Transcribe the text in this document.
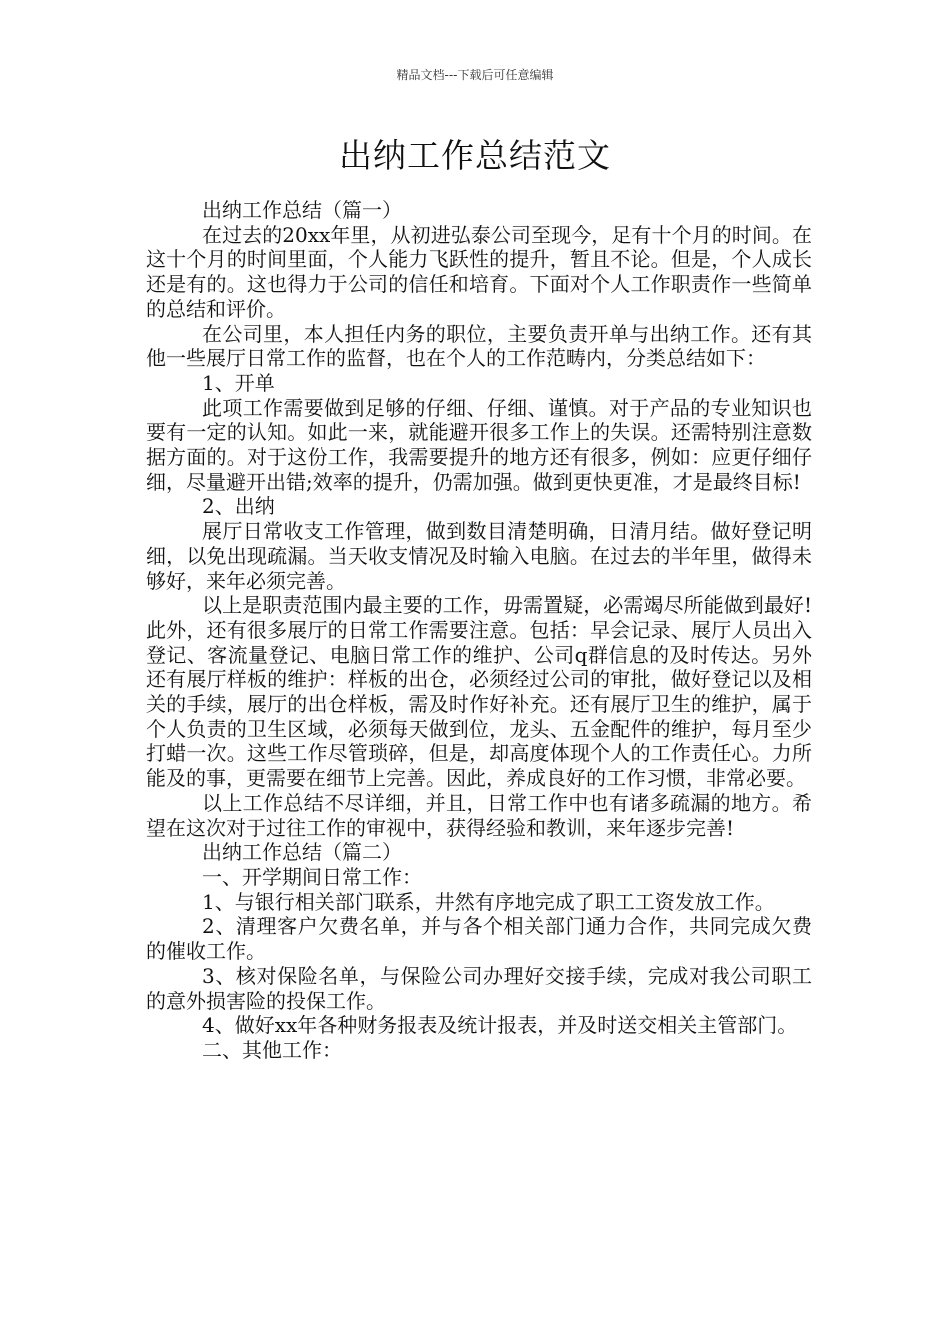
精品文档---下载后可任意编辑
出纳工作总结范文

出纳工作总结（篇一）

在过去的20xx年里，从初进弘泰公司至现今，足有十个月的时间。在这十个月的时间里面，个人能力飞跃性的提升，暂且不论。但是，个人成长还是有的。这也得力于公司的信任和培育。下面对个人工作职责作一些简单的总结和评价。

在公司里，本人担任内务的职位，主要负责开单与出纳工作。还有其他一些展厅日常工作的监督，也在个人的工作范畴内，分类总结如下：

1、开单

此项工作需要做到足够的仔细、仔细、谨慎。对于产品的专业知识也要有一定的认知。如此一来，就能避开很多工作上的失误。还需特别注意数据方面的。对于这份工作，我需要提升的地方还有很多，例如：应更仔细仔细，尽量避开出错;效率的提升，仍需加强。做到更快更准，才是最终目标!

2、出纳

展厅日常收支工作管理，做到数目清楚明确，日清月结。做好登记明细，以免出现疏漏。当天收支情况及时输入电脑。在过去的半年里，做得未够好，来年必须完善。

以上是职责范围内最主要的工作，毋需置疑，必需竭尽所能做到最好!此外，还有很多展厅的日常工作需要注意。包括：早会记录、展厅人员出入登记、客流量登记、电脑日常工作的维护、公司q群信息的及时传达。另外还有展厅样板的维护：样板的出仓，必须经过公司的审批，做好登记以及相关的手续，展厅的出仓样板，需及时作好补充。还有展厅卫生的维护，属于个人负责的卫生区域，必须每天做到位，龙头、五金配件的维护，每月至少打蜡一次。这些工作尽管琐碎，但是，却高度体现个人的工作责任心。力所能及的事，更需要在细节上完善。因此，养成良好的工作习惯，非常必要。

以上工作总结不尽详细，并且，日常工作中也有诸多疏漏的地方。希望在这次对于过往工作的审视中，获得经验和教训，来年逐步完善!

出纳工作总结（篇二）

一、开学期间日常工作：

1、与银行相关部门联系，井然有序地完成了职工工资发放工作。

2、清理客户欠费名单，并与各个相关部门通力合作，共同完成欠费的催收工作。

3、核对保险名单，与保险公司办理好交接手续，完成对我公司职工的意外损害险的投保工作。

4、做好xx年各种财务报表及统计报表，并及时送交相关主管部门。

二、其他工作：
